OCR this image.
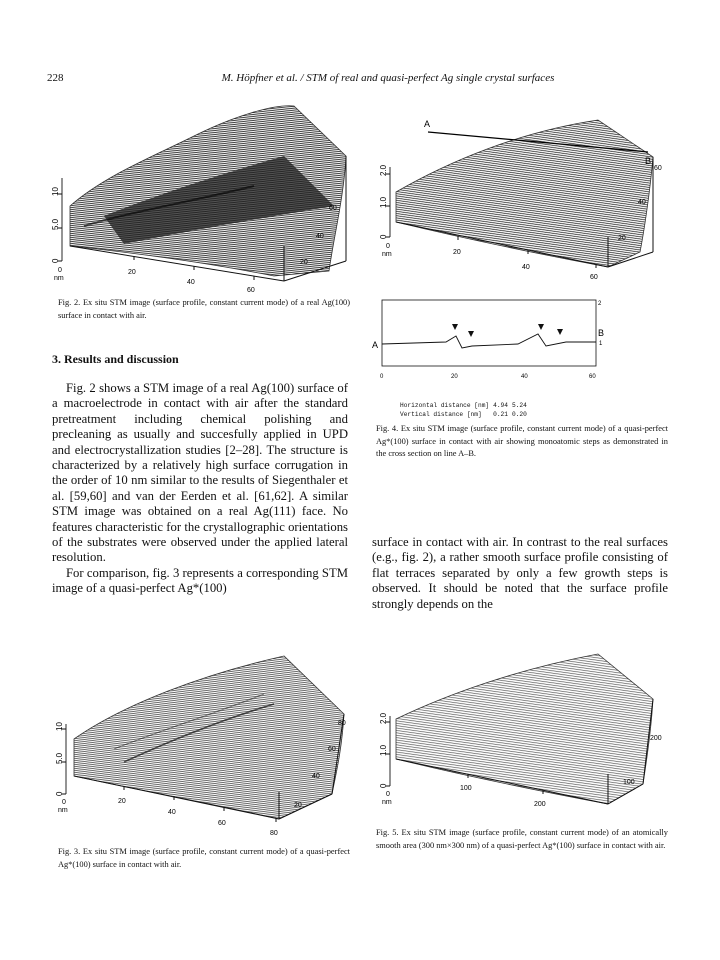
228	M. Höpfner et al. / STM of real and quasi-perfect Ag single crystal surfaces
0
5.0
10
0
nm
20
40
60
20
40
60
Fig. 2. Ex situ STM image (surface profile, constant current mode) of a real Ag(100) surface in contact with air.
A
B
0
1.0
2.0
0
nm	20
40
60
20
40
60
A
B
2
1
0	20	40	60
Horizontal distance [nm]	4.94	5.24
Vertical distance [nm]	0.21	0.20
Fig. 4. Ex situ STM image (surface profile, constant current mode) of a quasi-perfect Ag*(100) surface in contact with air showing monoatomic steps as demonstrated in the cross section on line A–B.
3. Results and discussion

Fig. 2 shows a STM image of a real Ag(100) surface of a macroelectrode in contact with air after the standard pretreatment including chemical polishing and precleaning as usually and succesfully applied in UPD and electrocrystallization studies [2–28]. The structure is characterized by a relatively high surface corrugation in the order of 10 nm similar to the results of Siegenthaler et al. [59,60] and van der Eerden et al. [61,62]. A similar STM image was obtained on a real Ag(111) face. No features characteristic for the crystallographic orientations of the substrates were observed under the applied lateral resolution.

For comparison, fig. 3 represents a corresponding STM image of a quasi-perfect Ag*(100)

surface in contact with air. In contrast to the real surfaces (e.g., fig. 2), a rather smooth surface profile consisting of flat terraces separated by only a few growth steps is observed. It should be noted that the surface profile strongly depends on the

0
5.0
10
0
nm
20
40
60
80
20
40
60
80
Fig. 3. Ex situ STM image (surface profile, constant current mode) of a quasi-perfect Ag*(100) surface in contact with air.
0
1.0
2.0
0
nm
100
200
100
200
Fig. 5. Ex situ STM image (surface profile, constant current mode) of an atomically smooth area (300 nm×300 nm) of a quasi-perfect Ag*(100) surface in contact with air.
